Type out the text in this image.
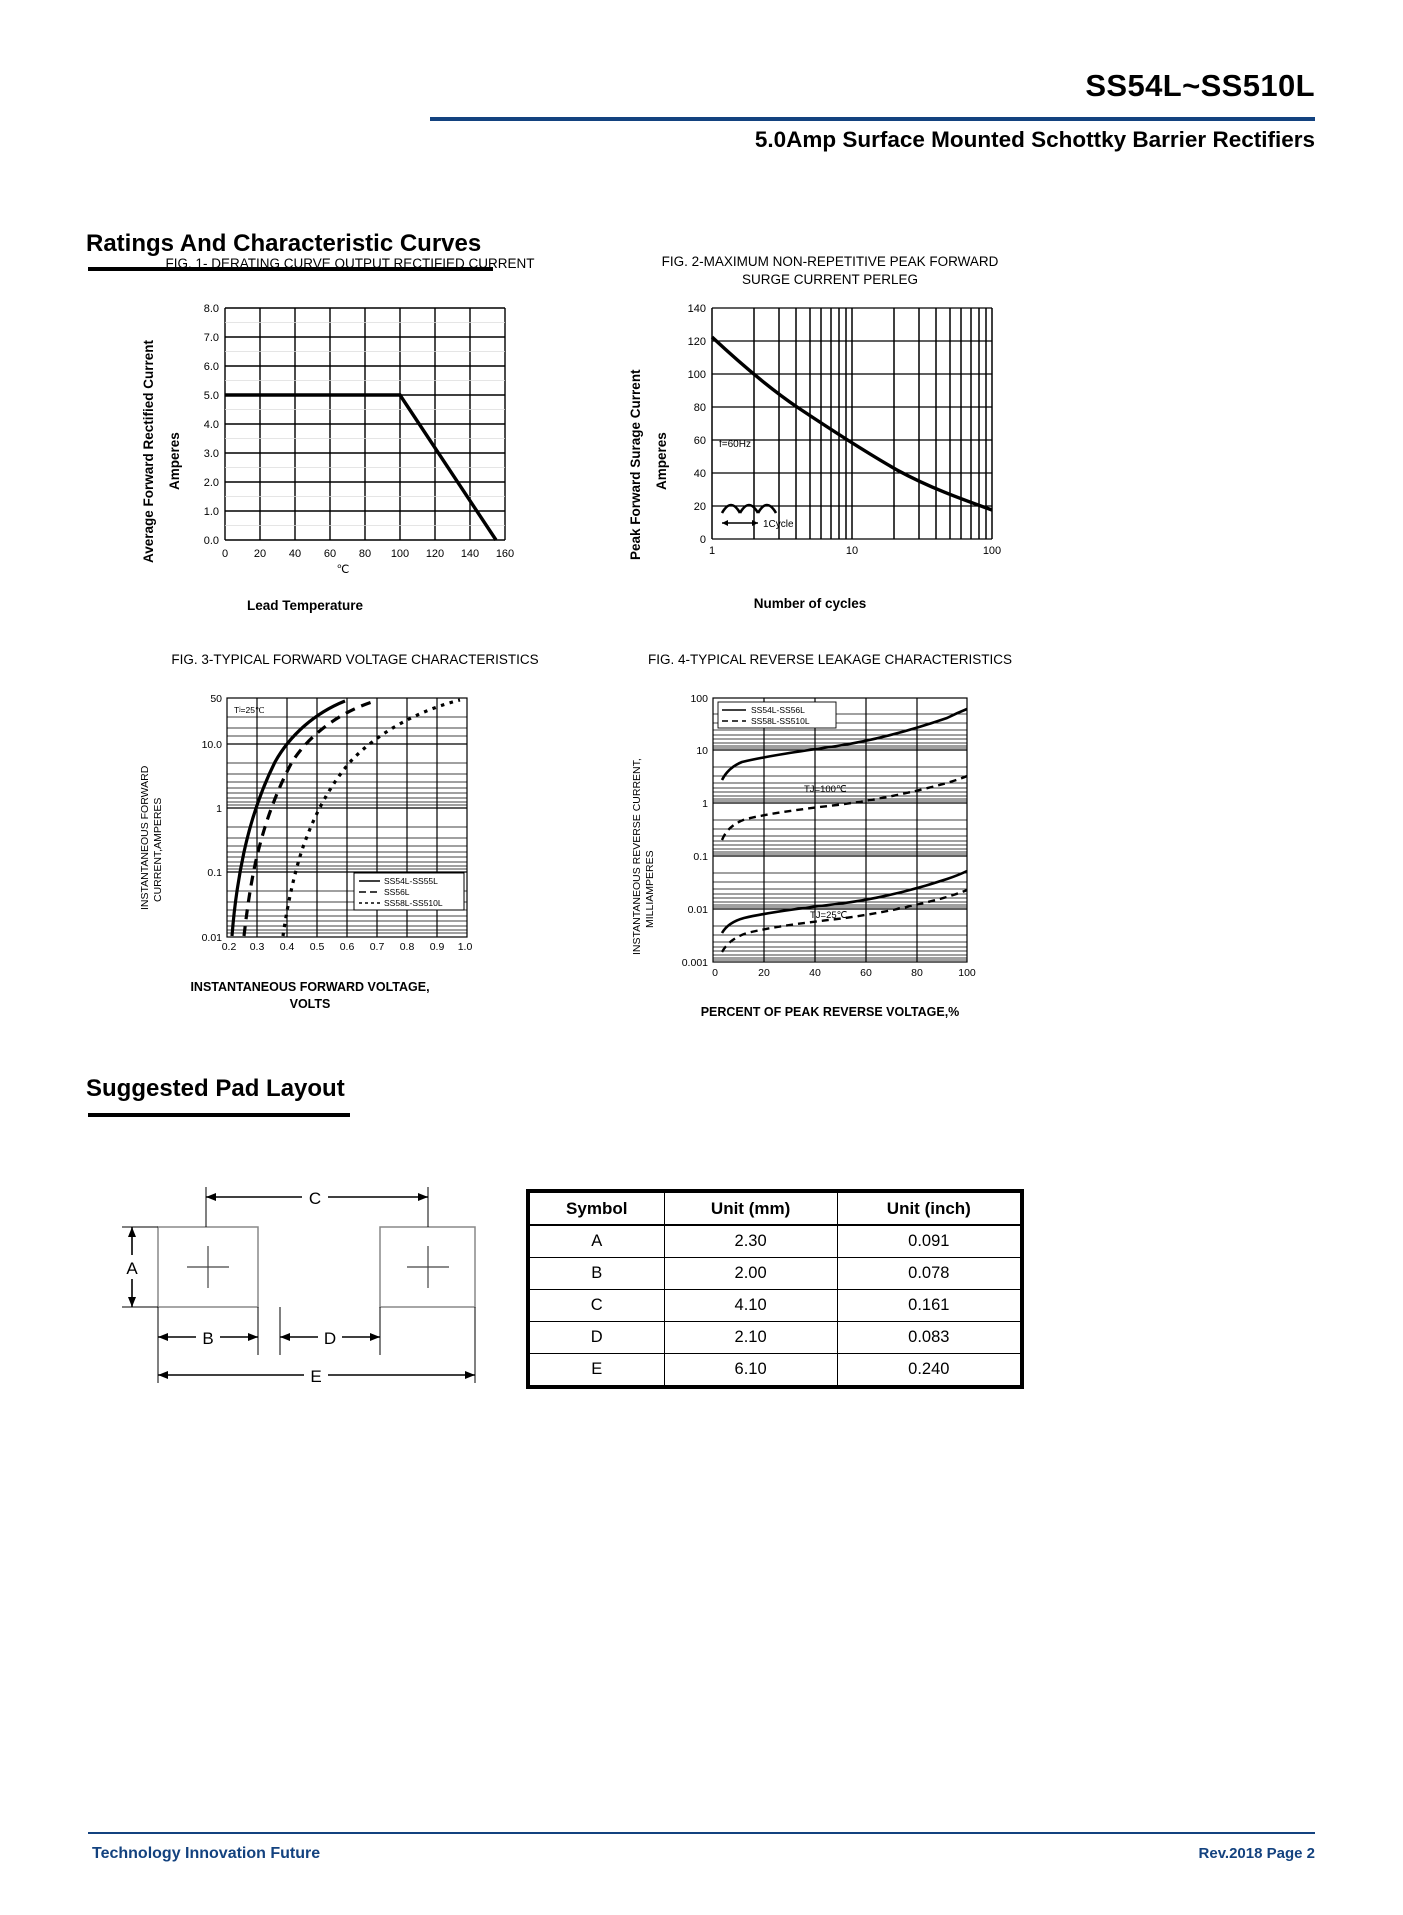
SS54L~SS510L
5.0Amp Surface Mounted Schottky Barrier Rectifiers
Ratings And Characteristic Curves
FIG. 1- DERATING CURVE OUTPUT RECTIFIED CURRENT
Average Forward Rectified Current Amperes
8.0
7.0
6.0
5.0
4.0
3.0
2.0
1.0
0.0
0 20 40 60 80 100 120 140 160
℃
Lead Temperature
FIG. 2-MAXIMUM NON-REPETITIVE PEAK FORWARD
SURGE CURRENT PERLEG
Peak Forward Surage Current Amperes
140
120
100
80
60
40
20
0
f=60Hz
1Cycle
1	10	100
Number of cycles
FIG. 3-TYPICAL FORWARD VOLTAGE CHARACTERISTICS
INSTANTANEOUS FORWARD CURRENT,AMPERES
50
10.0
1
0.1
0.01
Tʲ=25℃
SS54L-SS55L
SS56L
SS58L-SS510L
0.2 0.3 0.4 0.5 0.6 0.7 0.8 0.9 1.0
INSTANTANEOUS FORWARD VOLTAGE,
VOLTS
FIG. 4-TYPICAL REVERSE LEAKAGE CHARACTERISTICS
INSTANTANEOUS REVERSE CURRENT, MILLIAMPERES
100
10
1
0.1
0.01
0.001
SS54L-SS56L
SS58L-SS510L
TJ=100℃
TJ=25℃
0	20	40	60	80	100
PERCENT OF PEAK REVERSE VOLTAGE,%
Suggested Pad Layout
C
A
B	D
E
Symbol	Unit (mm)	Unit (inch)
A	2.30	0.091
B	2.00	0.078
C	4.10	0.161
D	2.10	0.083
E	6.10	0.240
Technology Innovation Future	Rev.2018 Page 2
